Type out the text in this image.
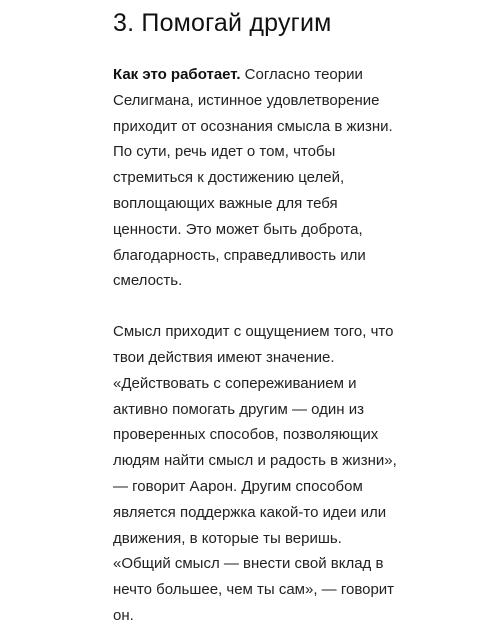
3. Помогай другим

Как это работает. Согласно теории
Селигмана, истинное удовлетворение
приходит от осознания смысла в жизни.
По сути, речь идет о том, чтобы
стремиться к достижению целей,
воплощающих важные для тебя
ценности. Это может быть доброта,
благодарность, справедливость или
смелость.

Смысл приходит с ощущением того, что
твои действия имеют значение.
«Действовать с сопереживанием и
активно помогать другим — один из
проверенных способов, позволяющих
людям найти смысл и радость в жизни»,
— говорит Аарон. Другим способом
является поддержка какой-то идеи или
движения, в которые ты веришь.
«Общий смысл — внести свой вклад в
нечто большее, чем ты сам», — говорит
он.
